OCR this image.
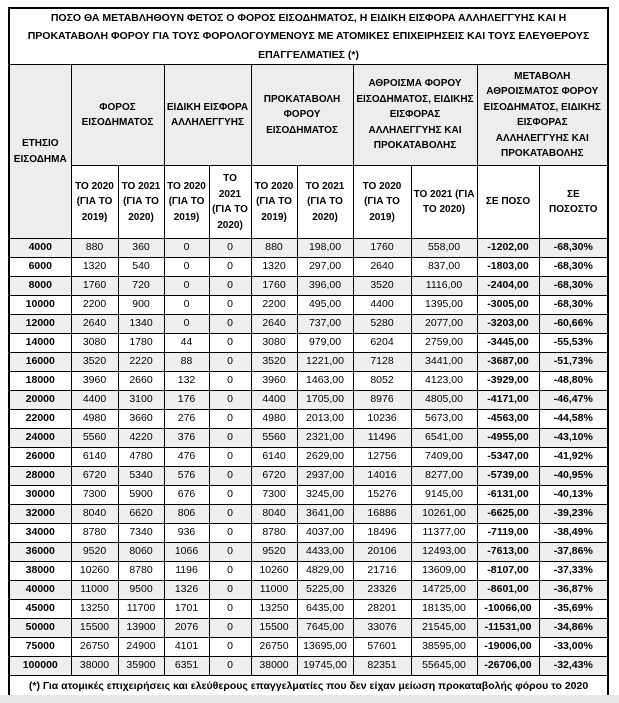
ΠΟΣΟ ΘΑ ΜΕΤΑΒΛΗΘΟΥΝ ΦΕΤΟΣ Ο ΦΟΡΟΣ ΕΙΣΟΔΗΜΑΤΟΣ, Η ΕΙΔΙΚΗ ΕΙΣΦΟΡΑ ΑΛΛΗΛΕΓΓΥΗΣ ΚΑΙ Η ΠΡΟΚΑΤΑΒΟΛΗ ΦΟΡΟΥ ΓΙΑ ΤΟΥΣ ΦΟΡΟΛΟΓΟΥΜΕΝΟΥΣ ΜΕ ΑΤΟΜΙΚΕΣ ΕΠΙΧΕΙΡΗΣΕΙΣ ΚΑΙ ΤΟΥΣ ΕΛΕΥΘΕΡΟΥΣ ΕΠΑΓΓΕΛΜΑΤΙΕΣ (*)										
ΕΤΗΣΙΟ ΕΙΣΟΔΗΜΑ	ΦΟΡΟΣ ΕΙΣΟΔΗΜΑΤΟΣ		ΕΙΔΙΚΗ ΕΙΣΦΟΡΑ ΑΛΛΗΛΕΓΓΥΗΣ		ΠΡΟΚΑΤΑΒΟΛΗ ΦΟΡΟΥ ΕΙΣΟΔΗΜΑΤΟΣ		ΑΘΡΟΙΣΜΑ ΦΟΡΟΥ ΕΙΣΟΔΗΜΑΤΟΣ, ΕΙΔΙΚΗΣ ΕΙΣΦΟΡΑΣ ΑΛΛΗΛΕΓΓΥΗΣ ΚΑΙ ΠΡΟΚΑΤΑΒΟΛΗΣ		ΜΕΤΑΒΟΛΗ ΑΘΡΟΙΣΜΑΤΟΣ ΦΟΡΟΥ ΕΙΣΟΔΗΜΑΤΟΣ, ΕΙΔΙΚΗΣ ΕΙΣΦΟΡΑΣ ΑΛΛΗΛΕΓΓΥΗΣ ΚΑΙ ΠΡΟΚΑΤΑΒΟΛΗΣ	
	ΤΟ 2020 (ΓΙΑ ΤΟ 2019)	ΤΟ 2021 (ΓΙΑ ΤΟ 2020)	ΤΟ 2020 (ΓΙΑ ΤΟ 2019)	ΤΟ 2021 (ΓΙΑ ΤΟ 2020)	ΤΟ 2020 (ΓΙΑ ΤΟ 2019)	ΤΟ 2021 (ΓΙΑ ΤΟ 2020)	ΤΟ 2020 (ΓΙΑ ΤΟ 2019)	ΤΟ 2021 (ΓΙΑ ΤΟ 2020)	ΣΕ ΠΟΣΟ	ΣΕ ΠΟΣΟΣΤΟ
4000	880	360	0	0	880	198,00	1760	558,00	-1202,00	-68,30%
6000	1320	540	0	0	1320	297,00	2640	837,00	-1803,00	-68,30%
8000	1760	720	0	0	1760	396,00	3520	1116,00	-2404,00	-68,30%
10000	2200	900	0	0	2200	495,00	4400	1395,00	-3005,00	-68,30%
12000	2640	1340	0	0	2640	737,00	5280	2077,00	-3203,00	-60,66%
14000	3080	1780	44	0	3080	979,00	6204	2759,00	-3445,00	-55,53%
16000	3520	2220	88	0	3520	1221,00	7128	3441,00	-3687,00	-51,73%
18000	3960	2660	132	0	3960	1463,00	8052	4123,00	-3929,00	-48,80%
20000	4400	3100	176	0	4400	1705,00	8976	4805,00	-4171,00	-46,47%
22000	4980	3660	276	0	4980	2013,00	10236	5673,00	-4563,00	-44,58%
24000	5560	4220	376	0	5560	2321,00	11496	6541,00	-4955,00	-43,10%
26000	6140	4780	476	0	6140	2629,00	12756	7409,00	-5347,00	-41,92%
28000	6720	5340	576	0	6720	2937,00	14016	8277,00	-5739,00	-40,95%
30000	7300	5900	676	0	7300	3245,00	15276	9145,00	-6131,00	-40,13%
32000	8040	6620	806	0	8040	3641,00	16886	10261,00	-6625,00	-39,23%
34000	8780	7340	936	0	8780	4037,00	18496	11377,00	-7119,00	-38,49%
36000	9520	8060	1066	0	9520	4433,00	20106	12493,00	-7613,00	-37,86%
38000	10260	8780	1196	0	10260	4829,00	21716	13609,00	-8107,00	-37,33%
40000	11000	9500	1326	0	11000	5225,00	23326	14725,00	-8601,00	-36,87%
45000	13250	11700	1701	0	13250	6435,00	28201	18135,00	-10066,00	-35,69%
50000	15500	13900	2076	0	15500	7645,00	33076	21545,00	-11531,00	-34,86%
75000	26750	24900	4101	0	26750	13695,00	57601	38595,00	-19006,00	-33,00%
100000	38000	35900	6351	0	38000	19745,00	82351	55645,00	-26706,00	-32,43%
(*) Για ατομικές επιχειρήσεις και ελεύθερους επαγγελματίες που δεν είχαν μείωση προκαταβολής φόρου το 2020										
